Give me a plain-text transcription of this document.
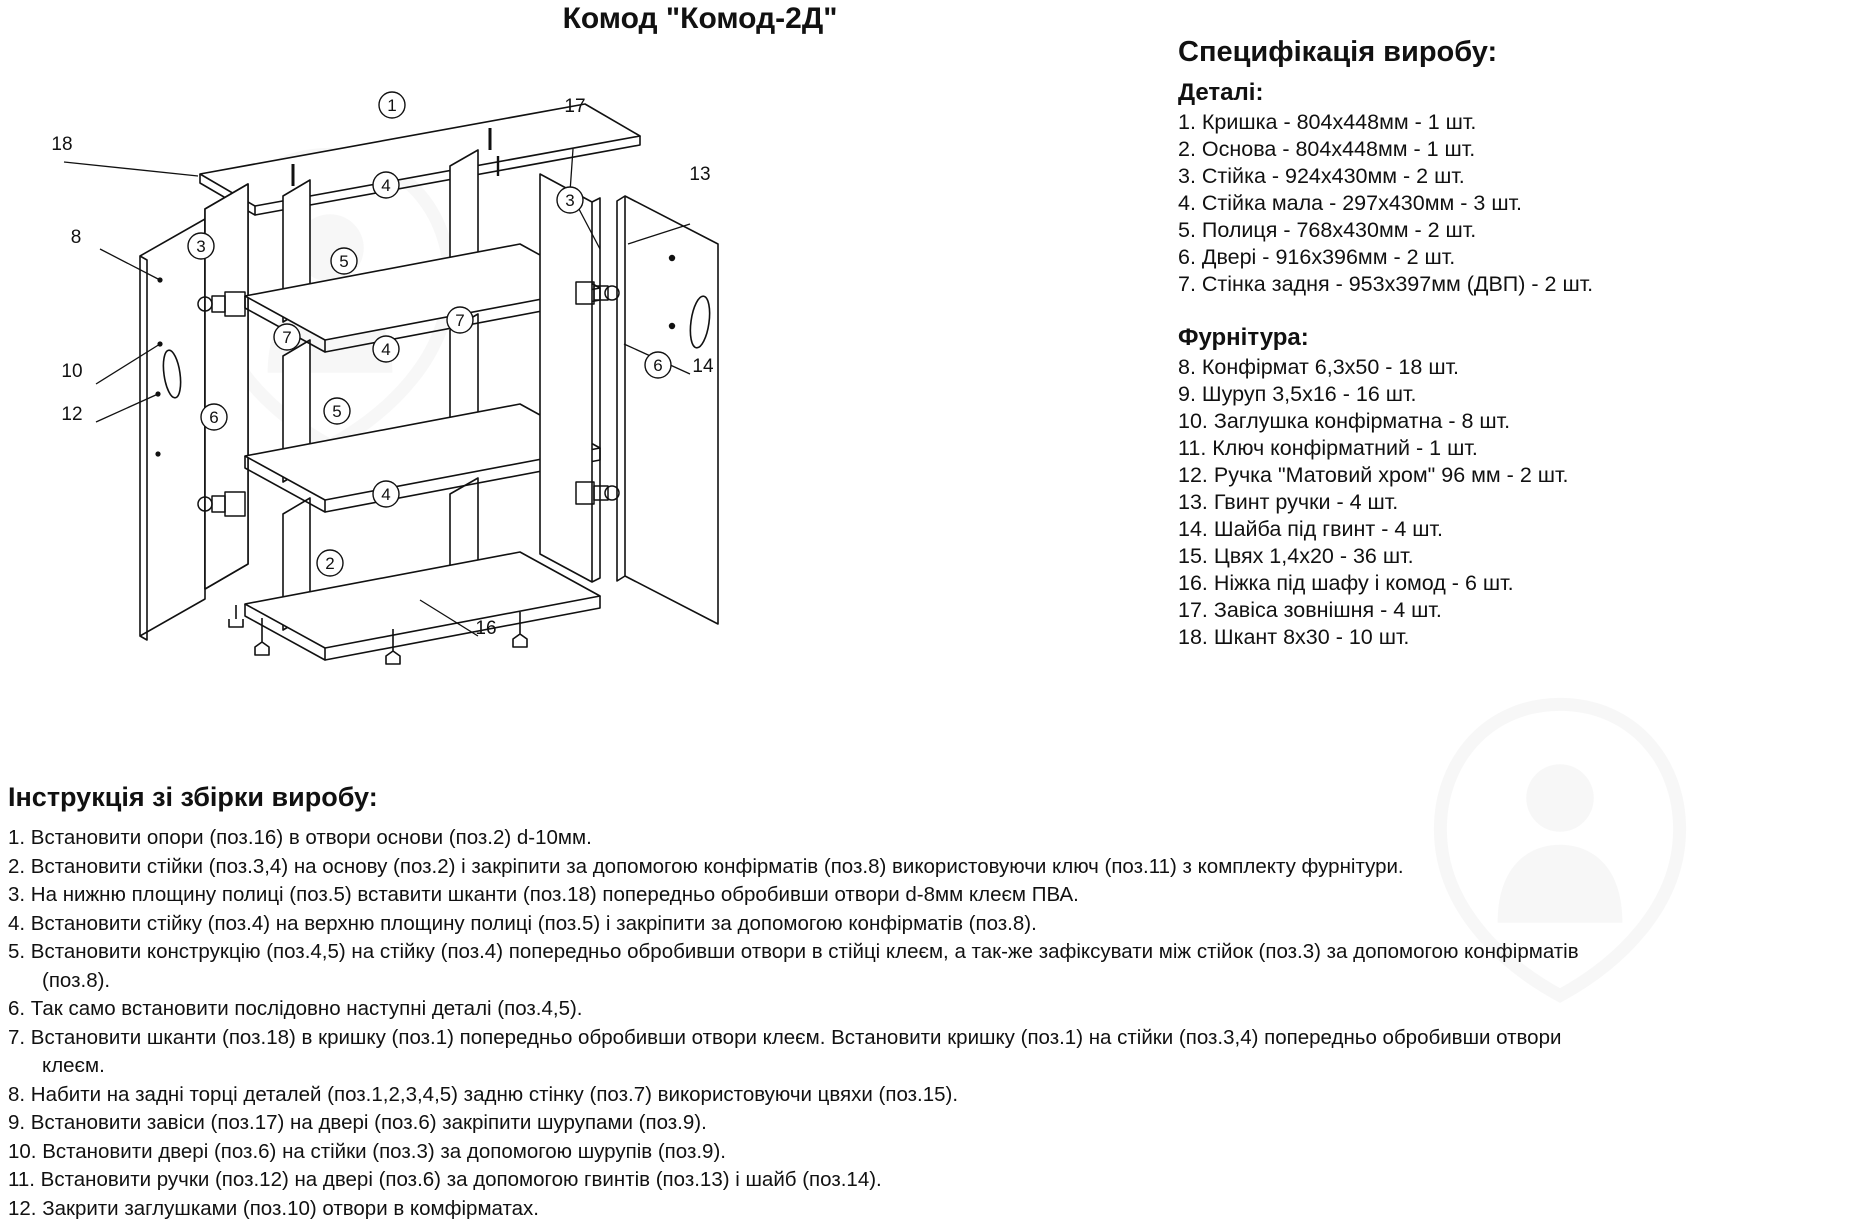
Комод "Комод-2Д"
18
8
10
12
17
13
14
16
1
4
3
3
5
7
7
4
6	5
4
6
2
Специфікація виробу:
Деталі:
1. Кришка - 804х448мм - 1 шт.
2. Основа - 804х448мм - 1 шт.
3. Стійка - 924х430мм - 2 шт.
4. Стійка мала - 297х430мм - 3 шт.
5. Полиця - 768х430мм - 2 шт.
6. Двері - 916х396мм - 2 шт.
7. Стінка задня - 953х397мм (ДВП) - 2 шт.
Фурнітура:
8. Конфірмат 6,3х50 - 18 шт.
9. Шуруп 3,5х16 - 16 шт.
10. Заглушка конфірматна - 8 шт.
11. Ключ конфірматний - 1 шт.
12. Ручка "Матовий хром" 96 мм - 2 шт.
13. Гвинт ручки - 4 шт.
14. Шайба під гвинт - 4 шт.
15. Цвях 1,4х20 - 36 шт.
16. Ніжка під шафу і комод - 6 шт.
17. Завіса зовнішня - 4 шт.
18. Шкант 8х30 - 10 шт.
Інструкція зі збірки виробу:
1. Встановити опори (поз.16) в отвори основи (поз.2) d-10мм.
2. Встановити стійки (поз.3,4) на основу (поз.2) і закріпити за допомогою конфірматів (поз.8) використовуючи ключ (поз.11) з комплекту фурнітури.
3. На нижню площину полиці (поз.5) вставити шканти (поз.18) попередньо обробивши отвори d-8мм клеєм ПВА.
4. Встановити стійку (поз.4) на верхню площину полиці (поз.5) і закріпити за допомогою конфірматів (поз.8).
5. Встановити конструкцію (поз.4,5) на стійку (поз.4) попередньо обробивши отвори в стійці клеєм, а так-же зафіксувати між стійок (поз.3) за допомогою конфірматів
(поз.8).
6. Так само встановити послідовно наступні деталі (поз.4,5).
7. Встановити шканти (поз.18) в кришку (поз.1) попередньо обробивши отвори клеєм. Встановити кришку (поз.1) на стійки (поз.3,4) попередньо обробивши отвори
клеєм.
8. Набити на задні торці деталей (поз.1,2,3,4,5) задню стінку (поз.7) використовуючи цвяхи (поз.15).
9. Встановити завіси (поз.17) на двері (поз.6) закріпити шурупами (поз.9).
10. Встановити двері (поз.6) на стійки (поз.3) за допомогою шурупів (поз.9).
11. Встановити ручки (поз.12) на двері (поз.6) за допомогою гвинтів (поз.13) і шайб (поз.14).
12. Закрити заглушками (поз.10) отвори в комфірматах.
